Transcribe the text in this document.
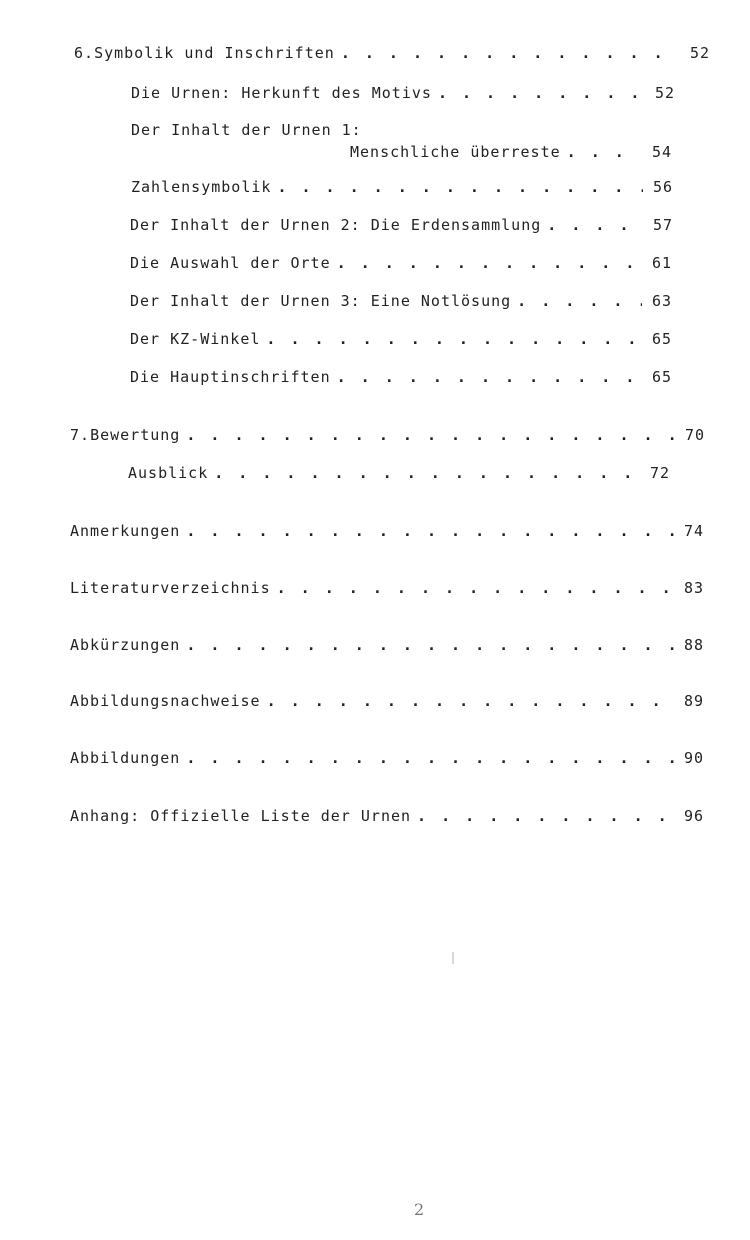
6. Symbolik und Inschriften . . .	52
Die Urnen: Herkunft des Motivs . . .	52
Der Inhalt der Urnen 1:
Menschliche überreste . . .	54
Zahlensymbolik . . .	56
Der Inhalt der Urnen 2: Die Erdensammlung . . .	57
Die Auswahl der Orte . . .	61
Der Inhalt der Urnen 3: Eine Notlösung . . .	63
Der KZ-Winkel . . .	65
Die Hauptinschriften . . .	65
7. Bewertung . . .	70
Ausblick . . .	72
Anmerkungen . . .	74
Literaturverzeichnis . . .	83
Abkürzungen . . .	88
Abbildungsnachweise . . .	89
Abbildungen . . .	90
Anhang: Offizielle Liste der Urnen . . .	96
2
